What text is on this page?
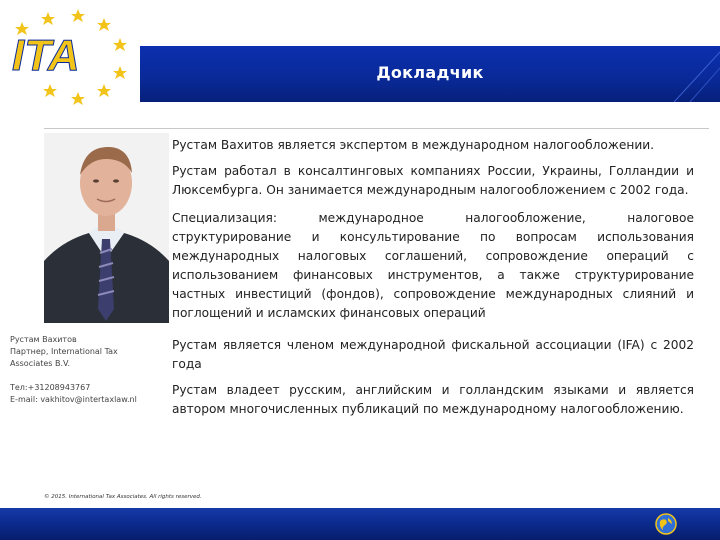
ITA	Докладчик
Рустам Вахитов
Партнер, International Tax
Associates B.V.
Тел:+31208943767
E-mail: vakhitov@intertaxlaw.nl

Рустам Вахитов является экспертом в международном налогообложении.

Рустам работал в консалтинговых компаниях России, Украины, Голландии и Люксембурга. Он занимается международным налогообложением с 2002 года.

Специализация: международное налогообложение, налоговое структурирование и консультирование по вопросам использования международных налоговых соглашений, сопровождение операций с использованием финансовых инструментов, а также структурирование частных инвестиций (фондов), сопровождение международных слияний и поглощений и исламских финансовых операций

Рустам является членом международной фискальной ассоциации (IFA) с 2002 года

Рустам владеет русским, английским и голландским языками и является автором многочисленных публикаций по международному налогообложению.

© 2015. International Tax Associates. All rights reserved.
